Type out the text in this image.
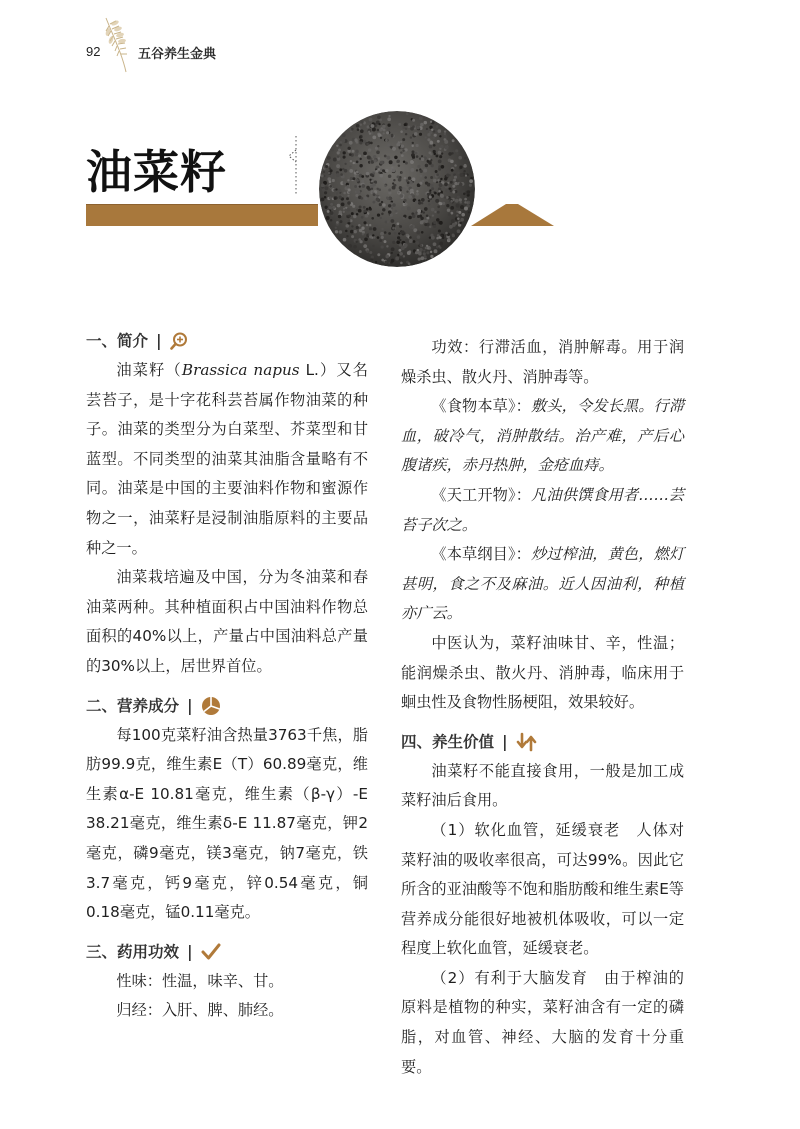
92	五谷养生金典
油菜籽
一、简介 |

油菜籽（Brassica napus L.）又名芸苔子，是十字花科芸苔属作物油菜的种子。油菜的类型分为白菜型、芥菜型和甘蓝型。不同类型的油菜其油脂含量略有不同。油菜是中国的主要油料作物和蜜源作物之一，油菜籽是浸制油脂原料的主要品种之一。

油菜栽培遍及中国，分为冬油菜和春油菜两种。其种植面积占中国油料作物总面积的40%以上，产量占中国油料总产量的30%以上，居世界首位。

二、营养成分 |

每100克菜籽油含热量3763千焦，脂肪99.9克，维生素E（T）60.89毫克，维生素α-E 10.81毫克，维生素（β-γ）-E 38.21毫克，维生素δ-E 11.87毫克，钾2毫克，磷9毫克，镁3毫克，钠7毫克，铁3.7毫克，钙9毫克，锌0.54毫克，铜0.18毫克，锰0.11毫克。

三、药用功效 |

性味：性温，味辛、甘。

归经：入肝、脾、肺经。

功效：行滞活血，消肿解毒。用于润燥杀虫、散火丹、消肿毒等。

《食物本草》：敷头，令发长黑。行滞血，破冷气，消肿散结。治产难，产后心腹诸疾，赤丹热肿，金疮血痔。

《天工开物》：凡油供馔食用者……芸苔子次之。

《本草纲目》：炒过榨油，黄色，燃灯甚明，食之不及麻油。近人因油利，种植亦广云。

中医认为，菜籽油味甘、辛，性温；能润燥杀虫、散火丹、消肿毒，临床用于蛔虫性及食物性肠梗阻，效果较好。

四、养生价值 |

油菜籽不能直接食用，一般是加工成菜籽油后食用。

（1）软化血管，延缓衰老　人体对菜籽油的吸收率很高，可达99%。因此它所含的亚油酸等不饱和脂肪酸和维生素E等营养成分能很好地被机体吸收，可以一定程度上软化血管，延缓衰老。

（2）有利于大脑发育　由于榨油的原料是植物的种实，菜籽油含有一定的磷脂，对血管、神经、大脑的发育十分重要。
